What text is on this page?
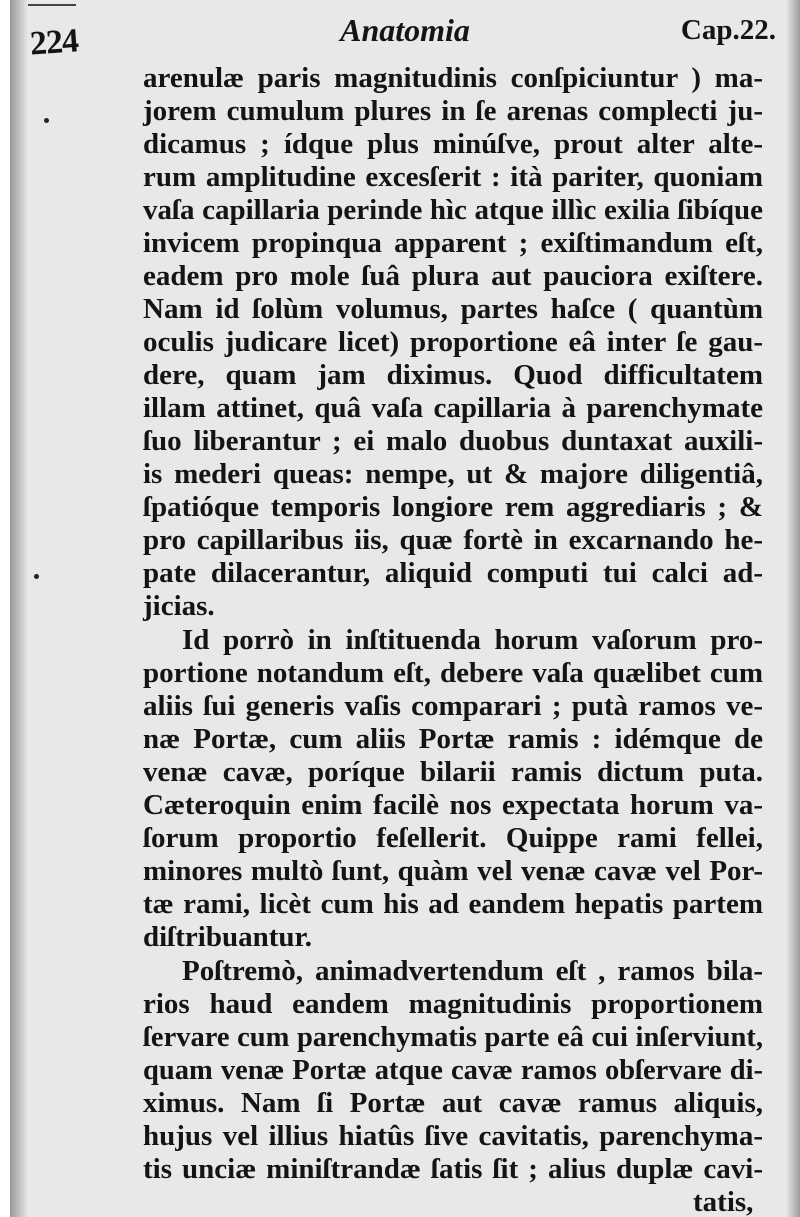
224	Anatomia	Cap.22.
arenulæ paris magnitudinis conſpiciuntur ) ma-
jorem cumulum plures in ſe arenas complecti ju-
dicamus ; ídque plus minúſve, prout alter alte-
rum amplitudine excesſerit : ità pariter, quoniam
vaſa capillaria perinde hìc atque illìc exilia ſibíque
invicem propinqua apparent ; exiſtimandum eſt,
eadem pro mole ſuâ plura aut pauciora exiſtere.
Nam id ſolùm volumus, partes haſce ( quantùm
oculis judicare licet) proportione eâ inter ſe gau-
dere, quam jam diximus. Quod difficultatem
illam attinet, quâ vaſa capillaria à parenchymate
ſuo liberantur ; ei malo duobus duntaxat auxili-
is mederi queas: nempe, ut & majore diligentiâ,
ſpatióque temporis longiore rem aggrediaris ; &
pro capillaribus iis, quæ fortè in excarnando he-
pate dilacerantur, aliquid computi tui calci ad-
jicias.
Id porrò in inſtituenda horum vaſorum pro-
portione notandum eſt, debere vaſa quælibet cum
aliis ſui generis vaſis comparari ; putà ramos ve-
næ Portæ, cum aliis Portæ ramis : idémque de
venæ cavæ, poríque bilarii ramis dictum puta.
Cæteroquin enim facilè nos expectata horum va-
ſorum proportio feſellerit. Quippe rami fellei,
minores multò ſunt, quàm vel venæ cavæ vel Por-
tæ rami, licèt cum his ad eandem hepatis partem
diſtribuantur.
Poſtremò, animadvertendum eſt , ramos bila-
rios haud eandem magnitudinis proportionem
ſervare cum parenchymatis parte eâ cui inſerviunt,
quam venæ Portæ atque cavæ ramos obſervare di-
ximus. Nam ſi Portæ aut cavæ ramus aliquis,
hujus vel illius hiatûs ſive cavitatis, parenchyma-
tis unciæ miniſtrandæ ſatis ſit ; alius duplæ cavi-
tatis,
